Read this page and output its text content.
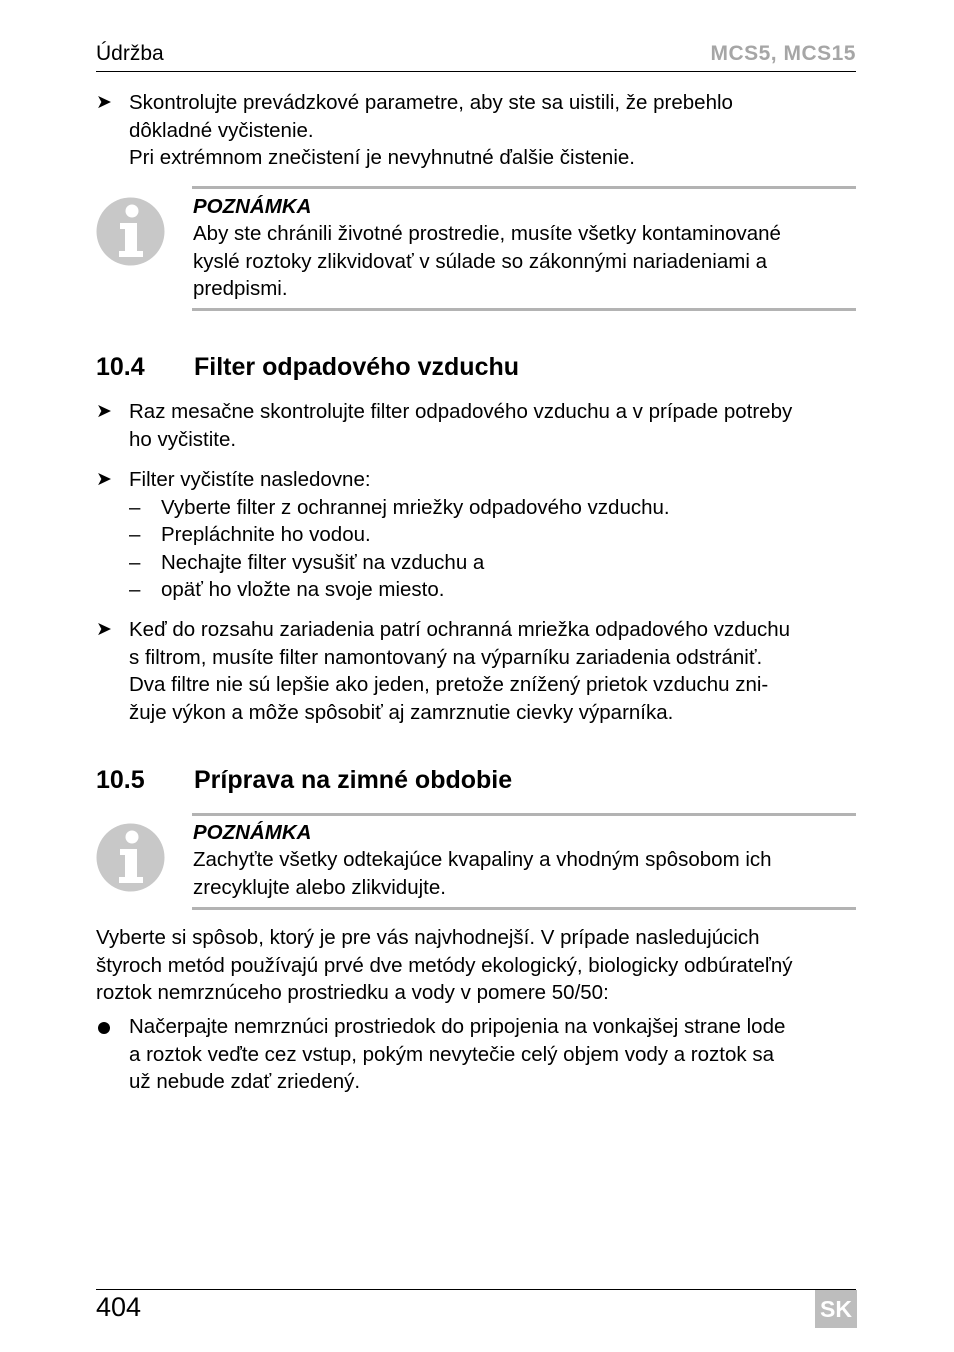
Údržba	MCS5, MCS15
➤ Skontrolujte prevádzkové parametre, aby ste sa uistili, že prebehlo
dôkladné vyčistenie.
Pri extrémnom znečistení je nevyhnutné ďalšie čistenie.
POZNÁMKA
Aby ste chránili životné prostredie, musíte všetky kontaminované
kyslé roztoky zlikvidovať v súlade so zákonnými nariadeniami a
predpismi.
10.4 Filter odpadového vzduchu
➤ Raz mesačne skontrolujte filter odpadového vzduchu a v prípade potreby
ho vyčistite.
➤ Filter vyčistíte nasledovne:
– Vyberte filter z ochrannej mriežky odpadového vzduchu.
– Prepláchnite ho vodou.
– Nechajte filter vysušiť na vzduchu a
– opäť ho vložte na svoje miesto.
➤ Keď do rozsahu zariadenia patrí ochranná mriežka odpadového vzduchu
s filtrom, musíte filter namontovaný na výparníku zariadenia odstrániť.
Dva filtre nie sú lepšie ako jeden, pretože znížený prietok vzduchu zni-
žuje výkon a môže spôsobiť aj zamrznutie cievky výparníka.
10.5 Príprava na zimné obdobie
POZNÁMKA
Zachyťte všetky odtekajúce kvapaliny a vhodným spôsobom ich
zrecyklujte alebo zlikvidujte.
Vyberte si spôsob, ktorý je pre vás najvhodnejší. V prípade nasledujúcich
štyroch metód používajú prvé dve metódy ekologický, biologicky odbúrateľný
roztok nemrznúceho prostriedku a vody v pomere 50/50:
Načerpajte nemrznúci prostriedok do pripojenia na vonkajšej strane lode
a roztok veďte cez vstup, pokým nevytečie celý objem vody a roztok sa
už nebude zdať zriedený.
404	SK
